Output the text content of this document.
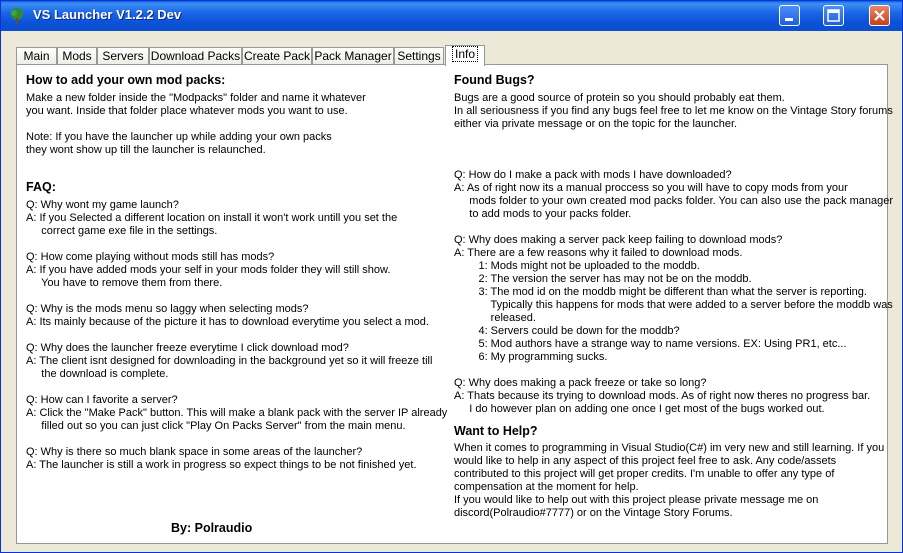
VS Launcher V1.2.2 Dev
Main	Mods Servers Download Packs Create Pack Pack Manager Settings	Info
How to add your own mod packs:
Make a new folder inside the "Modpacks" folder and name it whatever
you want. Inside that folder place whatever mods you want to use.
Note: If you have the launcher up while adding your own packs
they wont show up till the launcher is relaunched.
FAQ:
Q: Why wont my game launch?
A: If you Selected a different location on install it won't work untill you set the
correct game exe file in the settings.
Q: How come playing without mods still has mods?
A: If you have added mods your self in your mods folder they will still show.
You have to remove them from there.
Q: Why is the mods menu so laggy when selecting mods?
A: Its mainly because of the picture it has to download everytime you select a mod.
Q: Why does the launcher freeze everytime I click download mod?
A: The client isnt designed for downloading in the background yet so it will freeze till
the download is complete.
Q: How can I favorite a server?
A: Click the "Make Pack" button. This will make a blank pack with the server IP already
filled out so you can just click "Play On Packs Server" from the main menu.
Q: Why is there so much blank space in some areas of the launcher?
A: The launcher is still a work in progress so expect things to be not finished yet.
By: Polraudio
Found Bugs?
Bugs are a good source of protein so you should probably eat them.
In all seriousness if you find any bugs feel free to let me know on the Vintage Story forums
either via private message or on the topic for the launcher.
Q: How do I make a pack with mods I have downloaded?
A: As of right now its a manual proccess so you will have to copy mods from your
mods folder to your own created mod packs folder. You can also use the pack manager
to add mods to your packs folder.
Q: Why does making a server pack keep failing to download mods?
A: There are a few reasons why it failed to download mods.
1: Mods might not be uploaded to the moddb.
2: The version the server has may not be on the moddb.
3: The mod id on the moddb might be different than what the server is reporting.
Typically this happens for mods that were added to a server before the moddb was
released.
4: Servers could be down for the moddb?
5: Mod authors have a strange way to name versions. EX: Using PR1, etc...
6: My programming sucks.
Q: Why does making a pack freeze or take so long?
A: Thats because its trying to download mods. As of right now theres no progress bar.
I do however plan on adding one once I get most of the bugs worked out.
Want to Help?
When it comes to programming in Visual Studio(C#) im very new and still learning. If you
would like to help in any aspect of this project feel free to ask. Any code/assets
contributed to this project will get proper credits. I'm unable to offer any type of
compensation at the moment for help.
If you would like to help out with this project please private message me on
discord(Polraudio#7777) or on the Vintage Story Forums.
